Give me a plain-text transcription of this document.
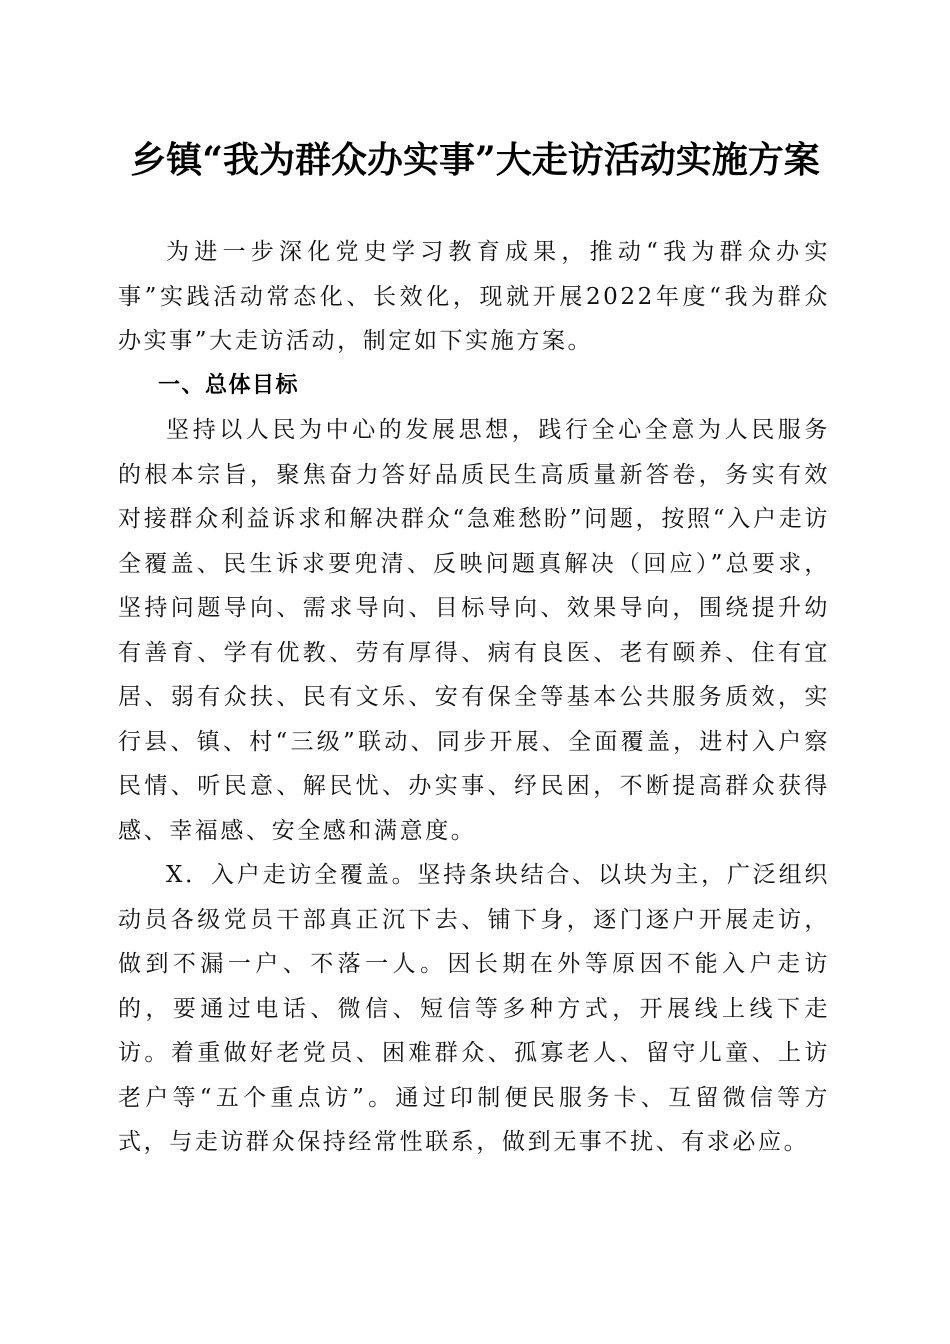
乡镇“我为群众办实事”大走访活动实施方案

为进一步深化党史学习教育成果，推动“我为群众办实事”实践活动常态化、长效化，现就开展2022年度“我为群众办实事”大走访活动，制定如下实施方案。

一、总体目标

坚持以人民为中心的发展思想，践行全心全意为人民服务的根本宗旨，聚焦奋力答好品质民生高质量新答卷，务实有效对接群众利益诉求和解决群众“急难愁盼”问题，按照“入户走访全覆盖、民生诉求要兜清、反映问题真解决（回应）”总要求，坚持问题导向、需求导向、目标导向、效果导向，围绕提升幼有善育、学有优教、劳有厚得、病有良医、老有颐养、住有宜居、弱有众扶、民有文乐、安有保全等基本公共服务质效，实行县、镇、村“三级”联动、同步开展、全面覆盖，进村入户察民情、听民意、解民忧、办实事、纾民困，不断提高群众获得感、幸福感、安全感和满意度。

X．入户走访全覆盖。坚持条块结合、以块为主，广泛组织动员各级党员干部真正沉下去、铺下身，逐门逐户开展走访，做到不漏一户、不落一人。因长期在外等原因不能入户走访的，要通过电话、微信、短信等多种方式，开展线上线下走访。着重做好老党员、困难群众、孤寡老人、留守儿童、上访老户等“五个重点访”。通过印制便民服务卡、互留微信等方式，与走访群众保持经常性联系，做到无事不扰、有求必应。
